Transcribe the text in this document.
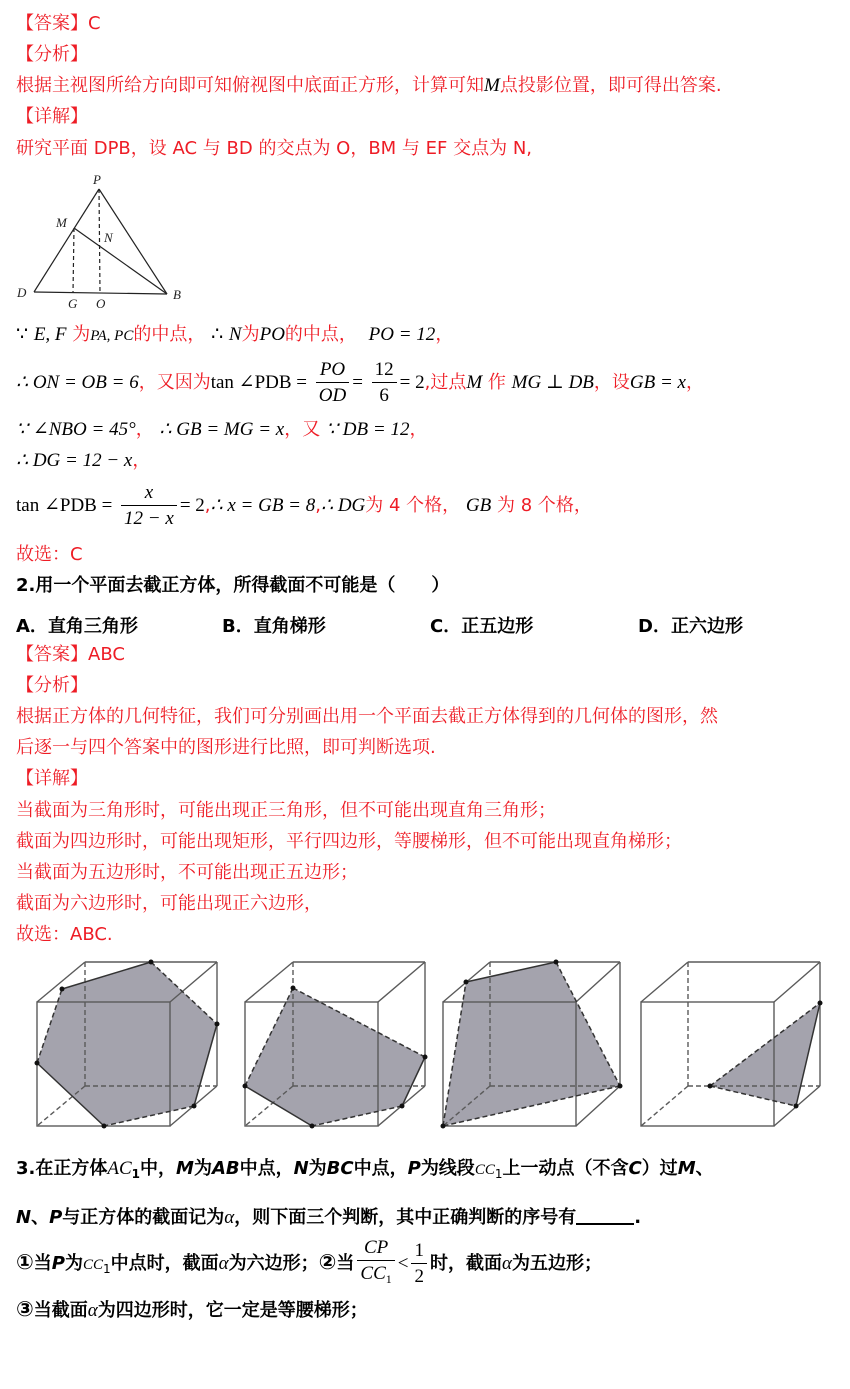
【答案】C
【分析】
根据主视图所给方向即可知俯视图中底面正方形，计算可知M点投影位置，即可得出答案.
【详解】
研究平面 DPB，设 AC 与 BD 的交点为 O，BM 与 EF 交点为 N,
P
M
N
D
G O
B
∵ E, F 为PA, PC的中点， ∴ N为PO的中点， PO = 12，
∴ ON = OB = 6，又因为tan ∠PDB = $\frac{PO}{OD} = \frac{12}{6} = 2$,过点M 作 MG ⊥ DB，设GB = x，
∵ ∠NBO = 45°， ∴ GB = MG = x，又 ∵ DB = 12，
∴ DG = 12 − x，
tan ∠PDB = $\frac{x}{12 - x}$ = 2,∴ x = GB = 8,∴ DG为 4 个格， GB 为 8 个格，
故选：C
2.用一个平面去截正方体，所得截面不可能是（　　）
A．直角三角形	B．直角梯形	C．正五边形	D．正六边形
【答案】ABC
【分析】
根据正方体的几何特征，我们可分别画出用一个平面去截正方体得到的几何体的图形，然
后逐一与四个答案中的图形进行比照，即可判断选项.
【详解】
当截面为三角形时，可能出现正三角形，但不可能出现直角三角形；
截面为四边形时，可能出现矩形，平行四边形，等腰梯形，但不可能出现直角梯形；
当截面为五边形时，不可能出现正五边形；
截面为六边形时，可能出现正六边形，
故选：ABC.
3.在正方体$AC_1$中，M为AB中点，N为BC中点，P为线段$CC_1$上一动点（不含C）过M、
N、P与正方体的截面记为α，则下面三个判断，其中正确判断的序号有	.
①当P为$CC_1$中点时，截面α为六边形；②当 $\frac{CP}{CC_1} < \frac{1}{2}$ 时，截面α为五边形；
③当截面α为四边形时，它一定是等腰梯形；
